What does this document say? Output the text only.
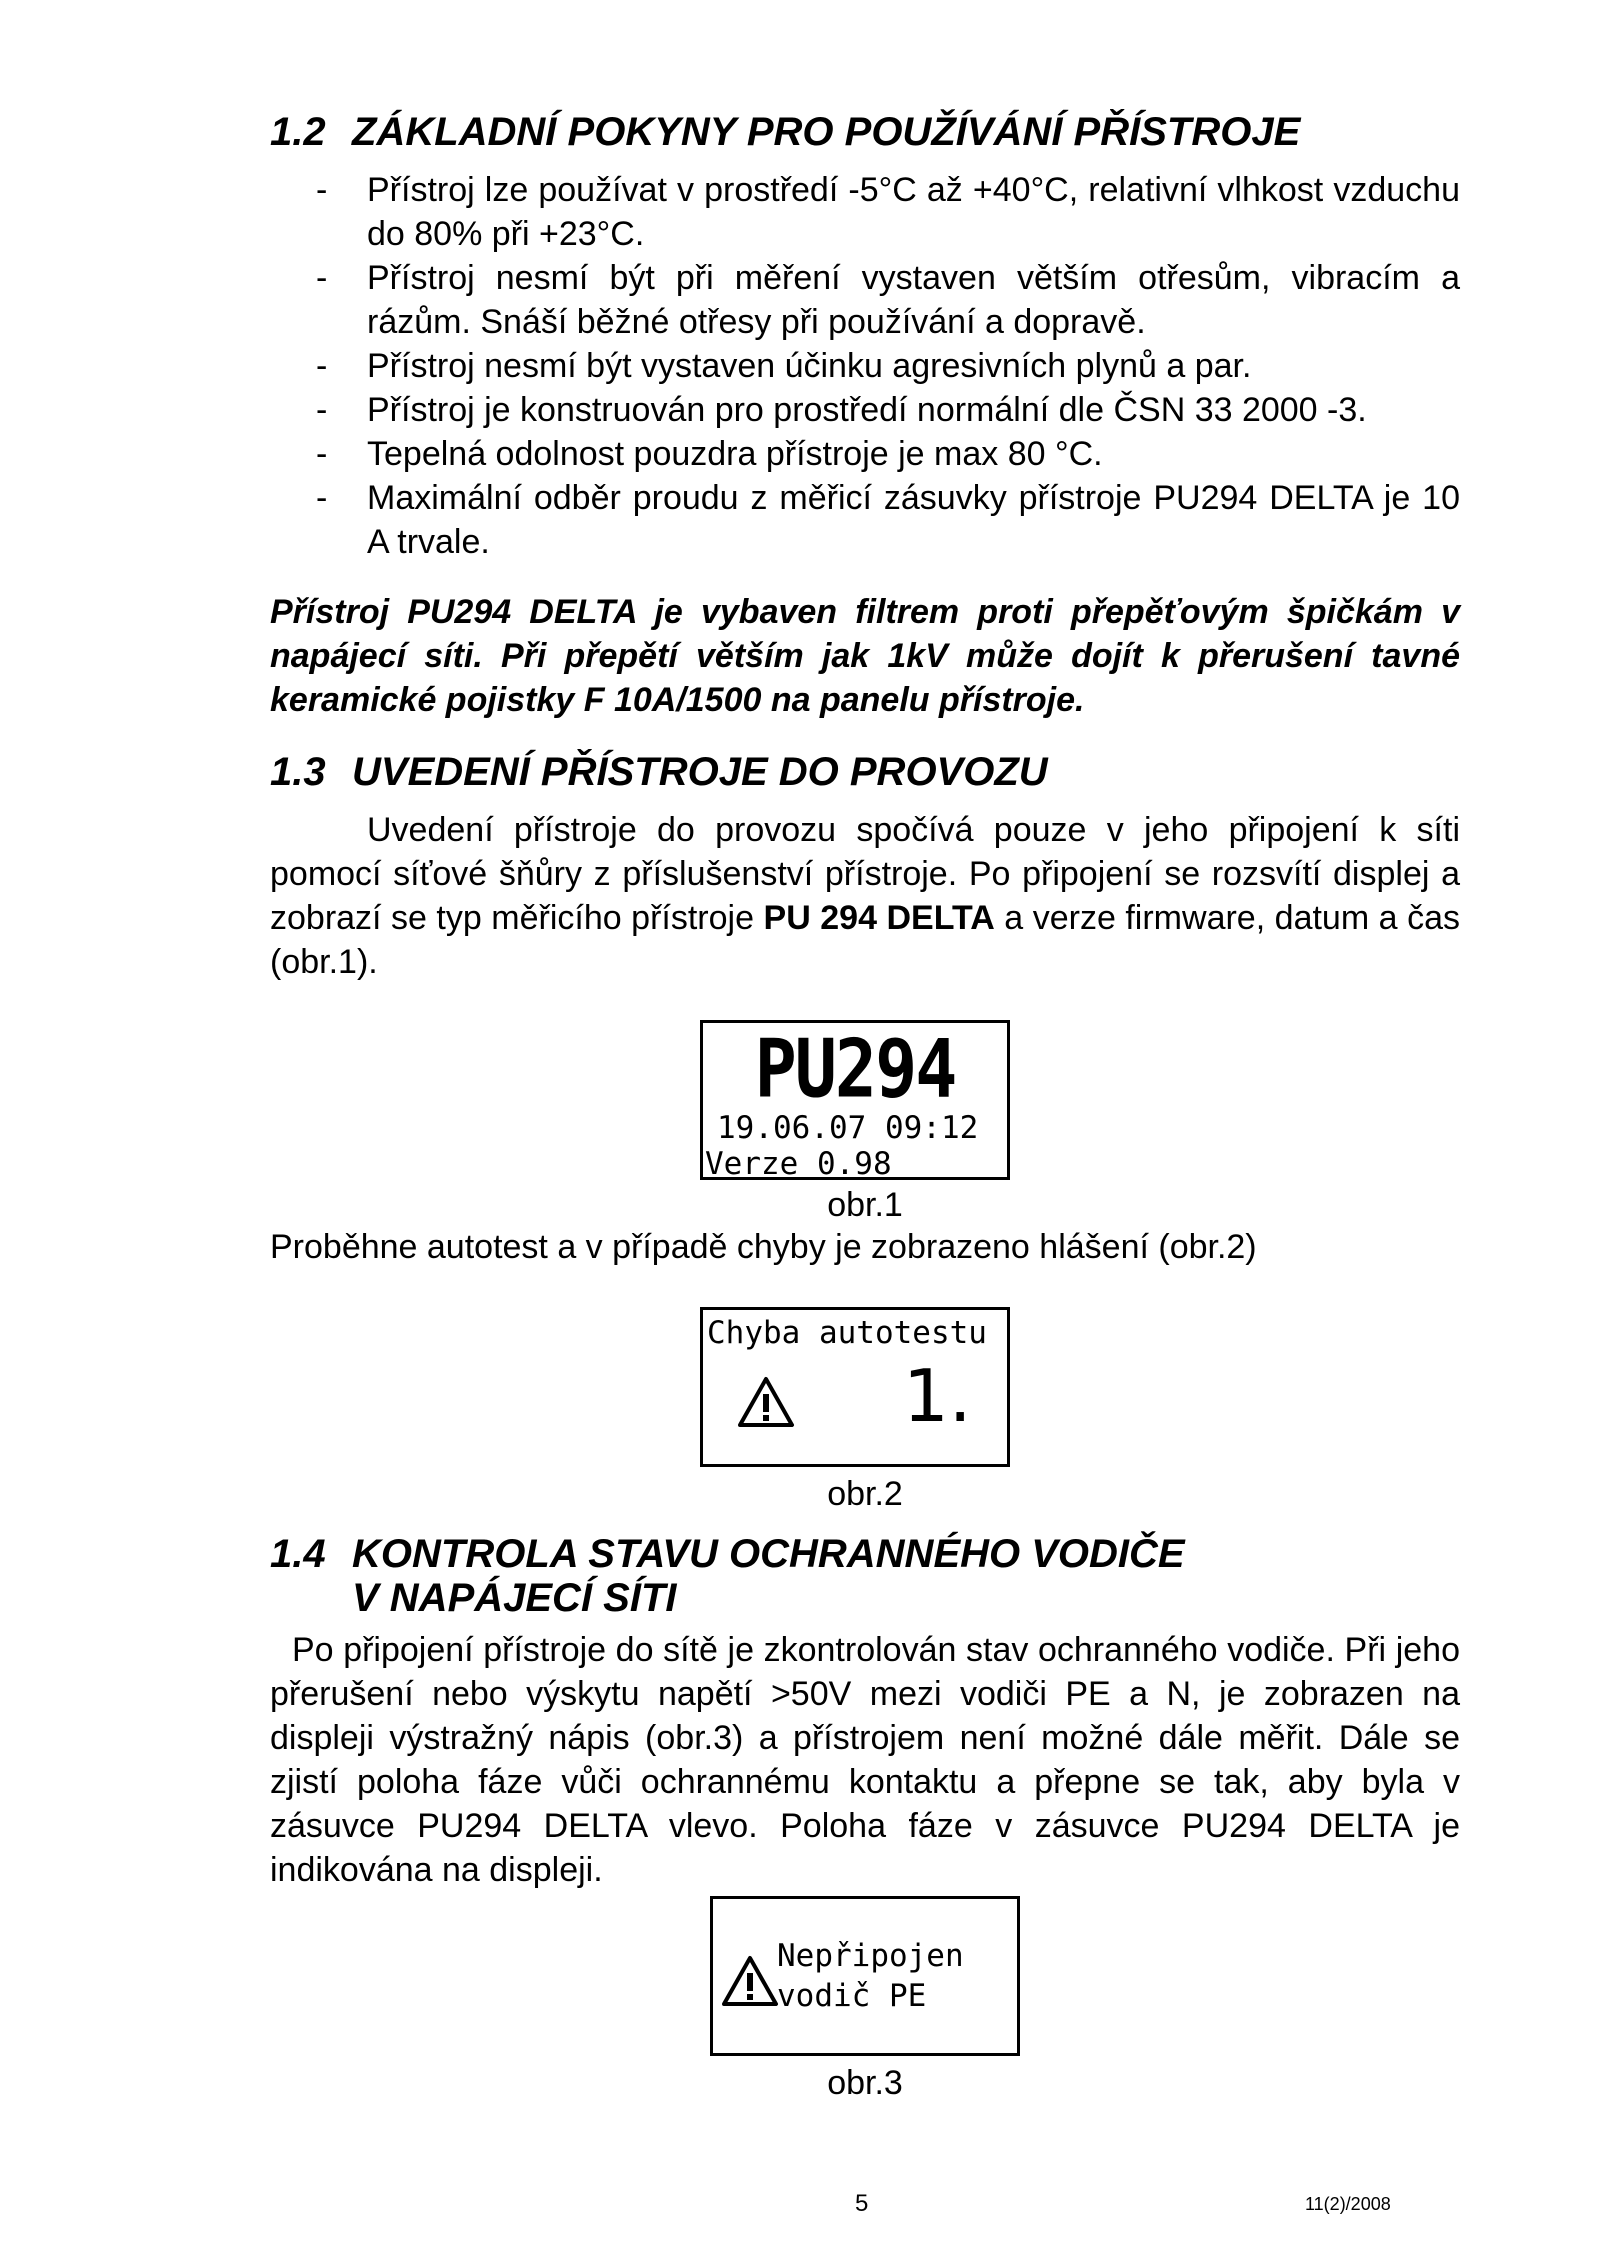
1.2 ZÁKLADNÍ POKYNY PRO POUŽÍVÁNÍ PŘÍSTROJE
- Přístroj lze používat v prostředí -5°C až +40°C, relativní vlhkost vzduchu do 80% při +23°C.
- Přístroj nesmí být při měření vystaven větším otřesům, vibracím a rázům. Snáší běžné otřesy při používání a dopravě.
- Přístroj nesmí být vystaven účinku agresivních plynů a par.
- Přístroj je konstruován pro prostředí normální dle ČSN 33 2000 -3.
- Tepelná odolnost pouzdra přístroje je max 80 °C.
- Maximální odběr proudu z měřicí zásuvky přístroje PU294 DELTA je 10 A trvale.

Přístroj PU294 DELTA je vybaven filtrem proti přepěťovým špičkám v napájecí síti. Při přepětí větším jak 1kV může dojít k přerušení tavné keramické pojistky F 10A/1500 na panelu přístroje.

1.3 UVEDENÍ PŘÍSTROJE DO PROVOZU

Uvedení přístroje do provozu spočívá pouze v jeho připojení k síti pomocí síťové šňůry z příslušenství přístroje. Po připojení se rozsvítí displej a zobrazí se typ měřicího přístroje PU 294 DELTA a verze firmware, datum a čas (obr.1).

PU294
19.06.07 09:12
Verze 0.98
obr.1

Proběhne autotest a v případě chyby je zobrazeno hlášení (obr.2)

Chyba autotestu
1.
obr.2
1.4 KONTROLA STAVU OCHRANNÉHO VODIČE
V NAPÁJECÍ SÍTI

Po připojení přístroje do sítě je zkontrolován stav ochranného vodiče. Při jeho přerušení nebo výskytu napětí >50V mezi vodiči PE a N, je zobrazen na displeji výstražný nápis (obr.3) a přístrojem není možné dále měřit. Dále se zjistí poloha fáze vůči ochrannému kontaktu a přepne se tak, aby byla v zásuvce PU294 DELTA vlevo. Poloha fáze v zásuvce PU294 DELTA je indikována na displeji.

Nepřipojen
vodič PE
obr.3
5	11(2)/2008
